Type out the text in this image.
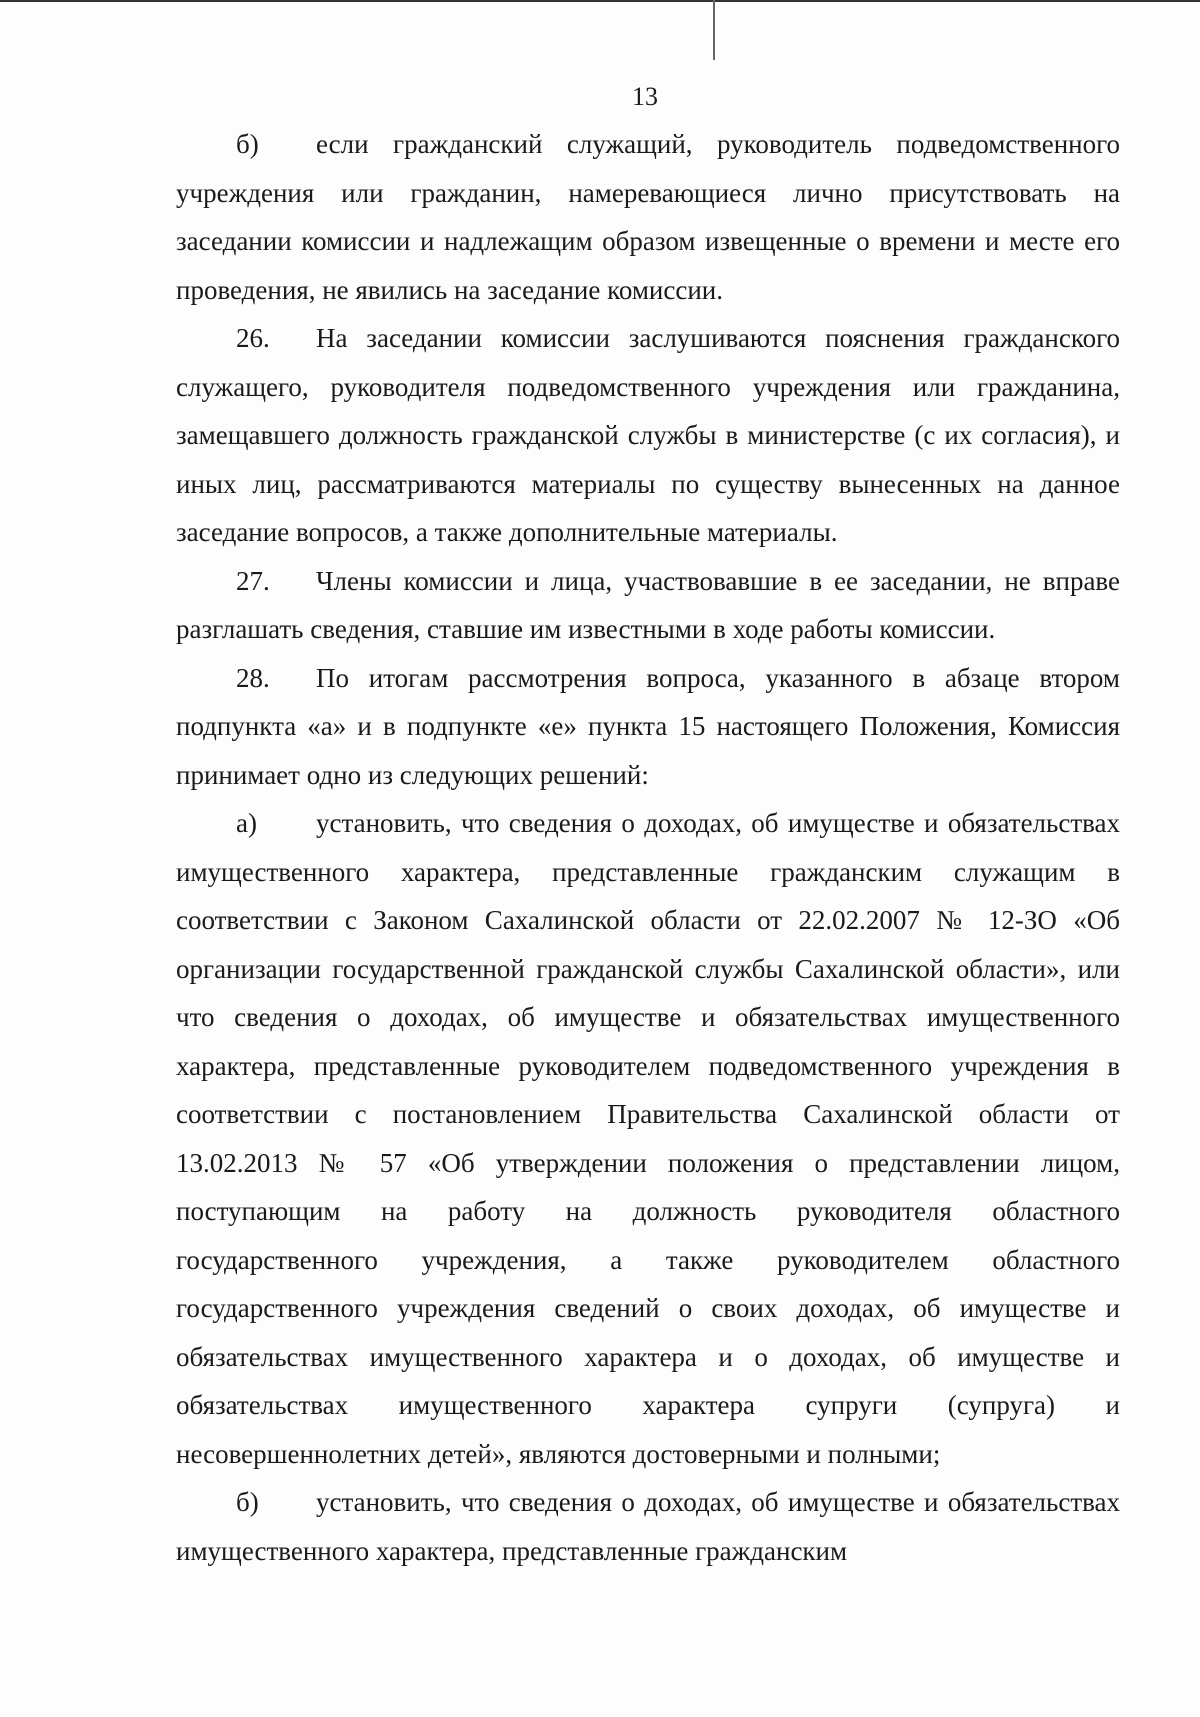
13

б) если гражданский служащий, руководитель подведомственного учреждения или гражданин, намеревающиеся лично присутствовать на заседании комиссии и надлежащим образом извещенные о времени и месте его проведения, не явились на заседание комиссии.

26. На заседании комиссии заслушиваются пояснения гражданского служащего, руководителя подведомственного учреждения или гражданина, замещавшего должность гражданской службы в министерстве (с их согласия), и иных лиц, рассматриваются материалы по существу вынесенных на данное заседание вопросов, а также дополнительные материалы.

27. Члены комиссии и лица, участвовавшие в ее заседании, не вправе разглашать сведения, ставшие им известными в ходе работы комиссии.

28. По итогам рассмотрения вопроса, указанного в абзаце втором подпункта «а» и в подпункте «е» пункта 15 настоящего Положения, Комиссия принимает одно из следующих решений:

а) установить, что сведения о доходах, об имуществе и обязательствах имущественного характера, представленные гражданским служащим в соответствии с Законом Сахалинской области от 22.02.2007 № 12-ЗО «Об организации государственной гражданской службы Сахалинской области», или что сведения о доходах, об имуществе и обязательствах имущественного характера, представленные руководителем подведомственного учреждения в соответствии с постановлением Правительства Сахалинской области от 13.02.2013 № 57 «Об утверждении положения о представлении лицом, поступающим на работу на должность руководителя областного государственного учреждения, а также руководителем областного государственного учреждения сведений о своих доходах, об имуществе и обязательствах имущественного характера и о доходах, об имуществе и обязательствах имущественного характера супруги (супруга) и несовершеннолетних детей», являются достоверными и полными;

б) установить, что сведения о доходах, об имуществе и обязательствах имущественного характера, представленные гражданским
